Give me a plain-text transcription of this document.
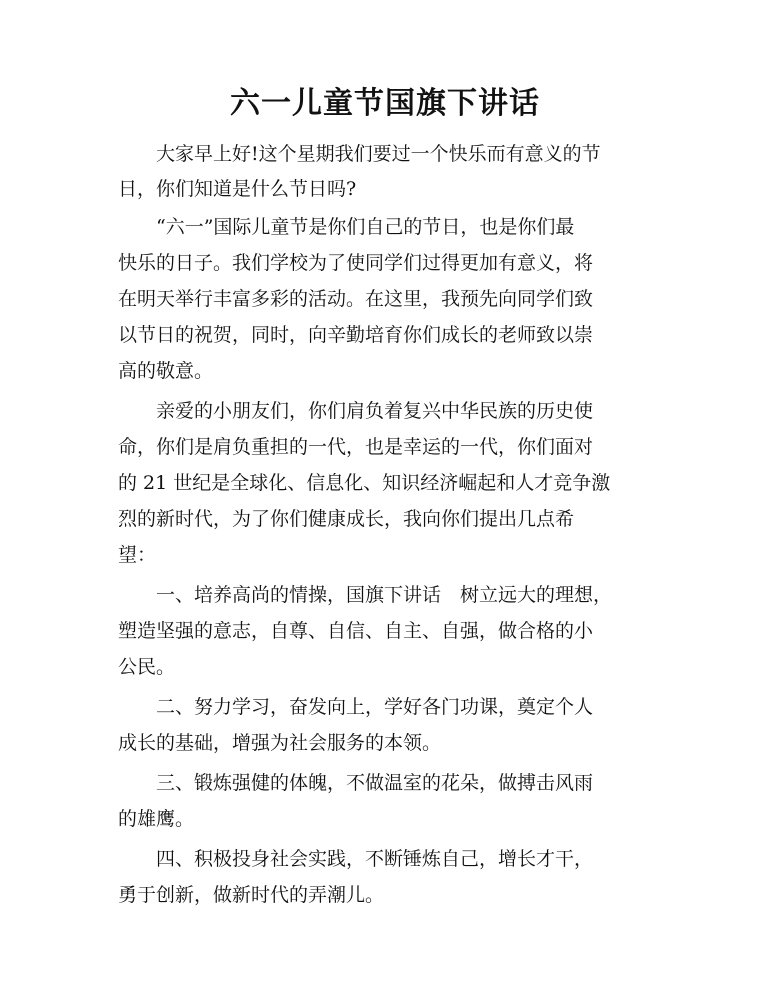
六一儿童节国旗下讲话
　　大家早上好!这个星期我们要过一个快乐而有意义的节
日，你们知道是什么节日吗?
　　“六一”国际儿童节是你们自己的节日，也是你们最
快乐的日子。我们学校为了使同学们过得更加有意义，将
在明天举行丰富多彩的活动。在这里，我预先向同学们致
以节日的祝贺，同时，向辛勤培育你们成长的老师致以崇
高的敬意。
　　亲爱的小朋友们，你们肩负着复兴中华民族的历史使
命，你们是肩负重担的一代，也是幸运的一代，你们面对
的 21 世纪是全球化、信息化、知识经济崛起和人才竞争激
烈的新时代，为了你们健康成长，我向你们提出几点希
望：
　　一、培养高尚的情操，国旗下讲话　树立远大的理想，
塑造坚强的意志，自尊、自信、自主、自强，做合格的小
公民。
　　二、努力学习，奋发向上，学好各门功课，奠定个人
成长的基础，增强为社会服务的本领。
　　三、锻炼强健的体魄，不做温室的花朵，做搏击风雨
的雄鹰。
　　四、积极投身社会实践，不断锤炼自己，增长才干，
勇于创新，做新时代的弄潮儿。
